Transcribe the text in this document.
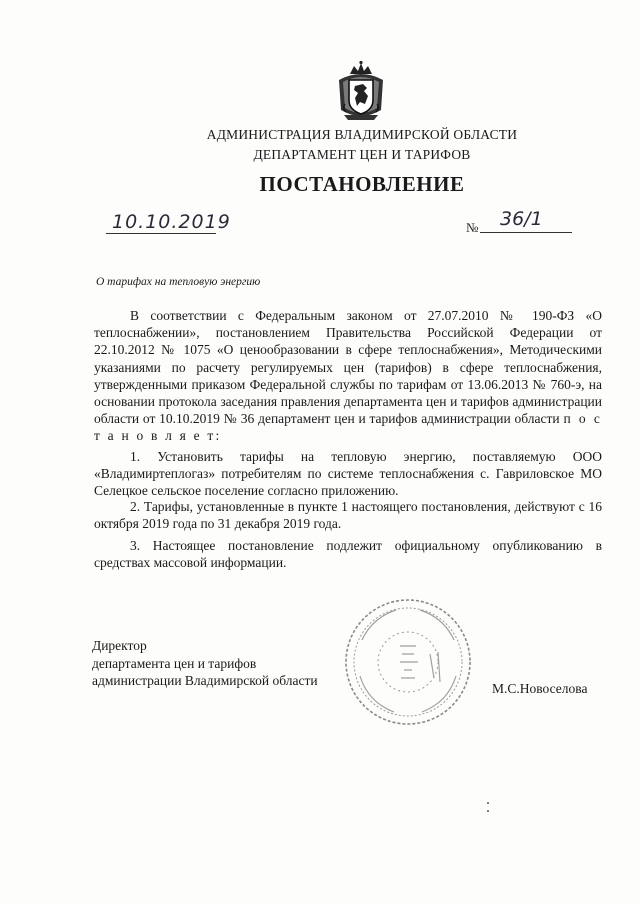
АДМИНИСТРАЦИЯ ВЛАДИМИРСКОЙ ОБЛАСТИ
ДЕПАРТАМЕНТ ЦЕН И ТАРИФОВ
ПОСТАНОВЛЕНИЕ
10.10.2019	№ 36/1
О тарифах на тепловую энергию

В соответствии с Федеральным законом от 27.07.2010 № 190-ФЗ «О теплоснабжении», постановлением Правительства Российской Федерации от 22.10.2012 № 1075 «О ценообразовании в сфере теплоснабжения», Методическими указаниями по расчету регулируемых цен (тарифов) в сфере теплоснабжения, утвержденными приказом Федеральной службы по тарифам от 13.06.2013 № 760-э, на основании протокола заседания правления департамента цен и тарифов администрации области от 10.10.2019 № 36 департамент цен и тарифов администрации области п о с т а н о в л я е т:

1. Установить тарифы на тепловую энергию, поставляемую ООО «Владимиртеплогаз» потребителям по системе теплоснабжения с. Гавриловское МО Селецкое сельское поселение согласно приложению.

2. Тарифы, установленные в пункте 1 настоящего постановления, действуют с 16 октября 2019 года по 31 декабря 2019 года.

3. Настоящее постановление подлежит официальному опубликованию в средствах массовой информации.

Директор
департамента цен и тарифов
администрации Владимирской области
М.С.Новоселова
